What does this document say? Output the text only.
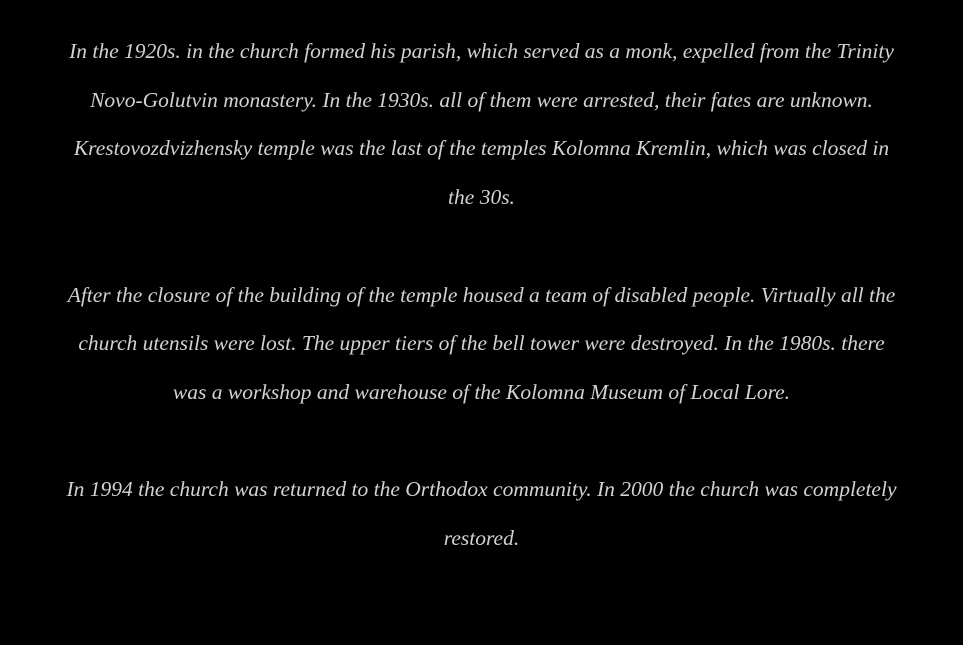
In the 1920s. in the church formed his parish, which served as a monk, expelled from the Trinity Novo-Golutvin monastery. In the 1930s. all of them were arrested, their fates are unknown. Krestovozdvizhensky temple was the last of the temples Kolomna Kremlin, which was closed in the 30s.

After the closure of the building of the temple housed a team of disabled people. Virtually all the church utensils were lost. The upper tiers of the bell tower were destroyed. In the 1980s. there was a workshop and warehouse of the Kolomna Museum of Local Lore.

In 1994 the church was returned to the Orthodox community. In 2000 the church was completely restored.
